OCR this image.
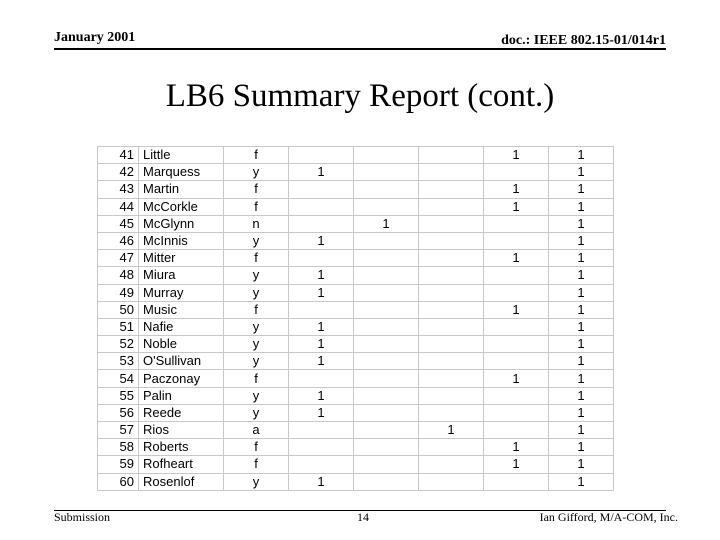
January 2001	doc.: IEEE 802.15-01/014r1
LB6 Summary Report (cont.)
41	Little	f				1	1
42	Marquess	y	1				1
43	Martin	f				1	1
44	McCorkle	f				1	1
45	McGlynn	n		1			1
46	McInnis	y	1				1
47	Mitter	f				1	1
48	Miura	y	1				1
49	Murray	y	1				1
50	Music	f				1	1
51	Nafie	y	1				1
52	Noble	y	1				1
53	O'Sullivan	y	1				1
54	Paczonay	f				1	1
55	Palin	y	1				1
56	Reede	y	1				1
57	Rios	a			1		1
58	Roberts	f				1	1
59	Rofheart	f				1	1
60	Rosenlof	y	1				1
Submission	14	Ian Gifford, M/A-COM, Inc.
